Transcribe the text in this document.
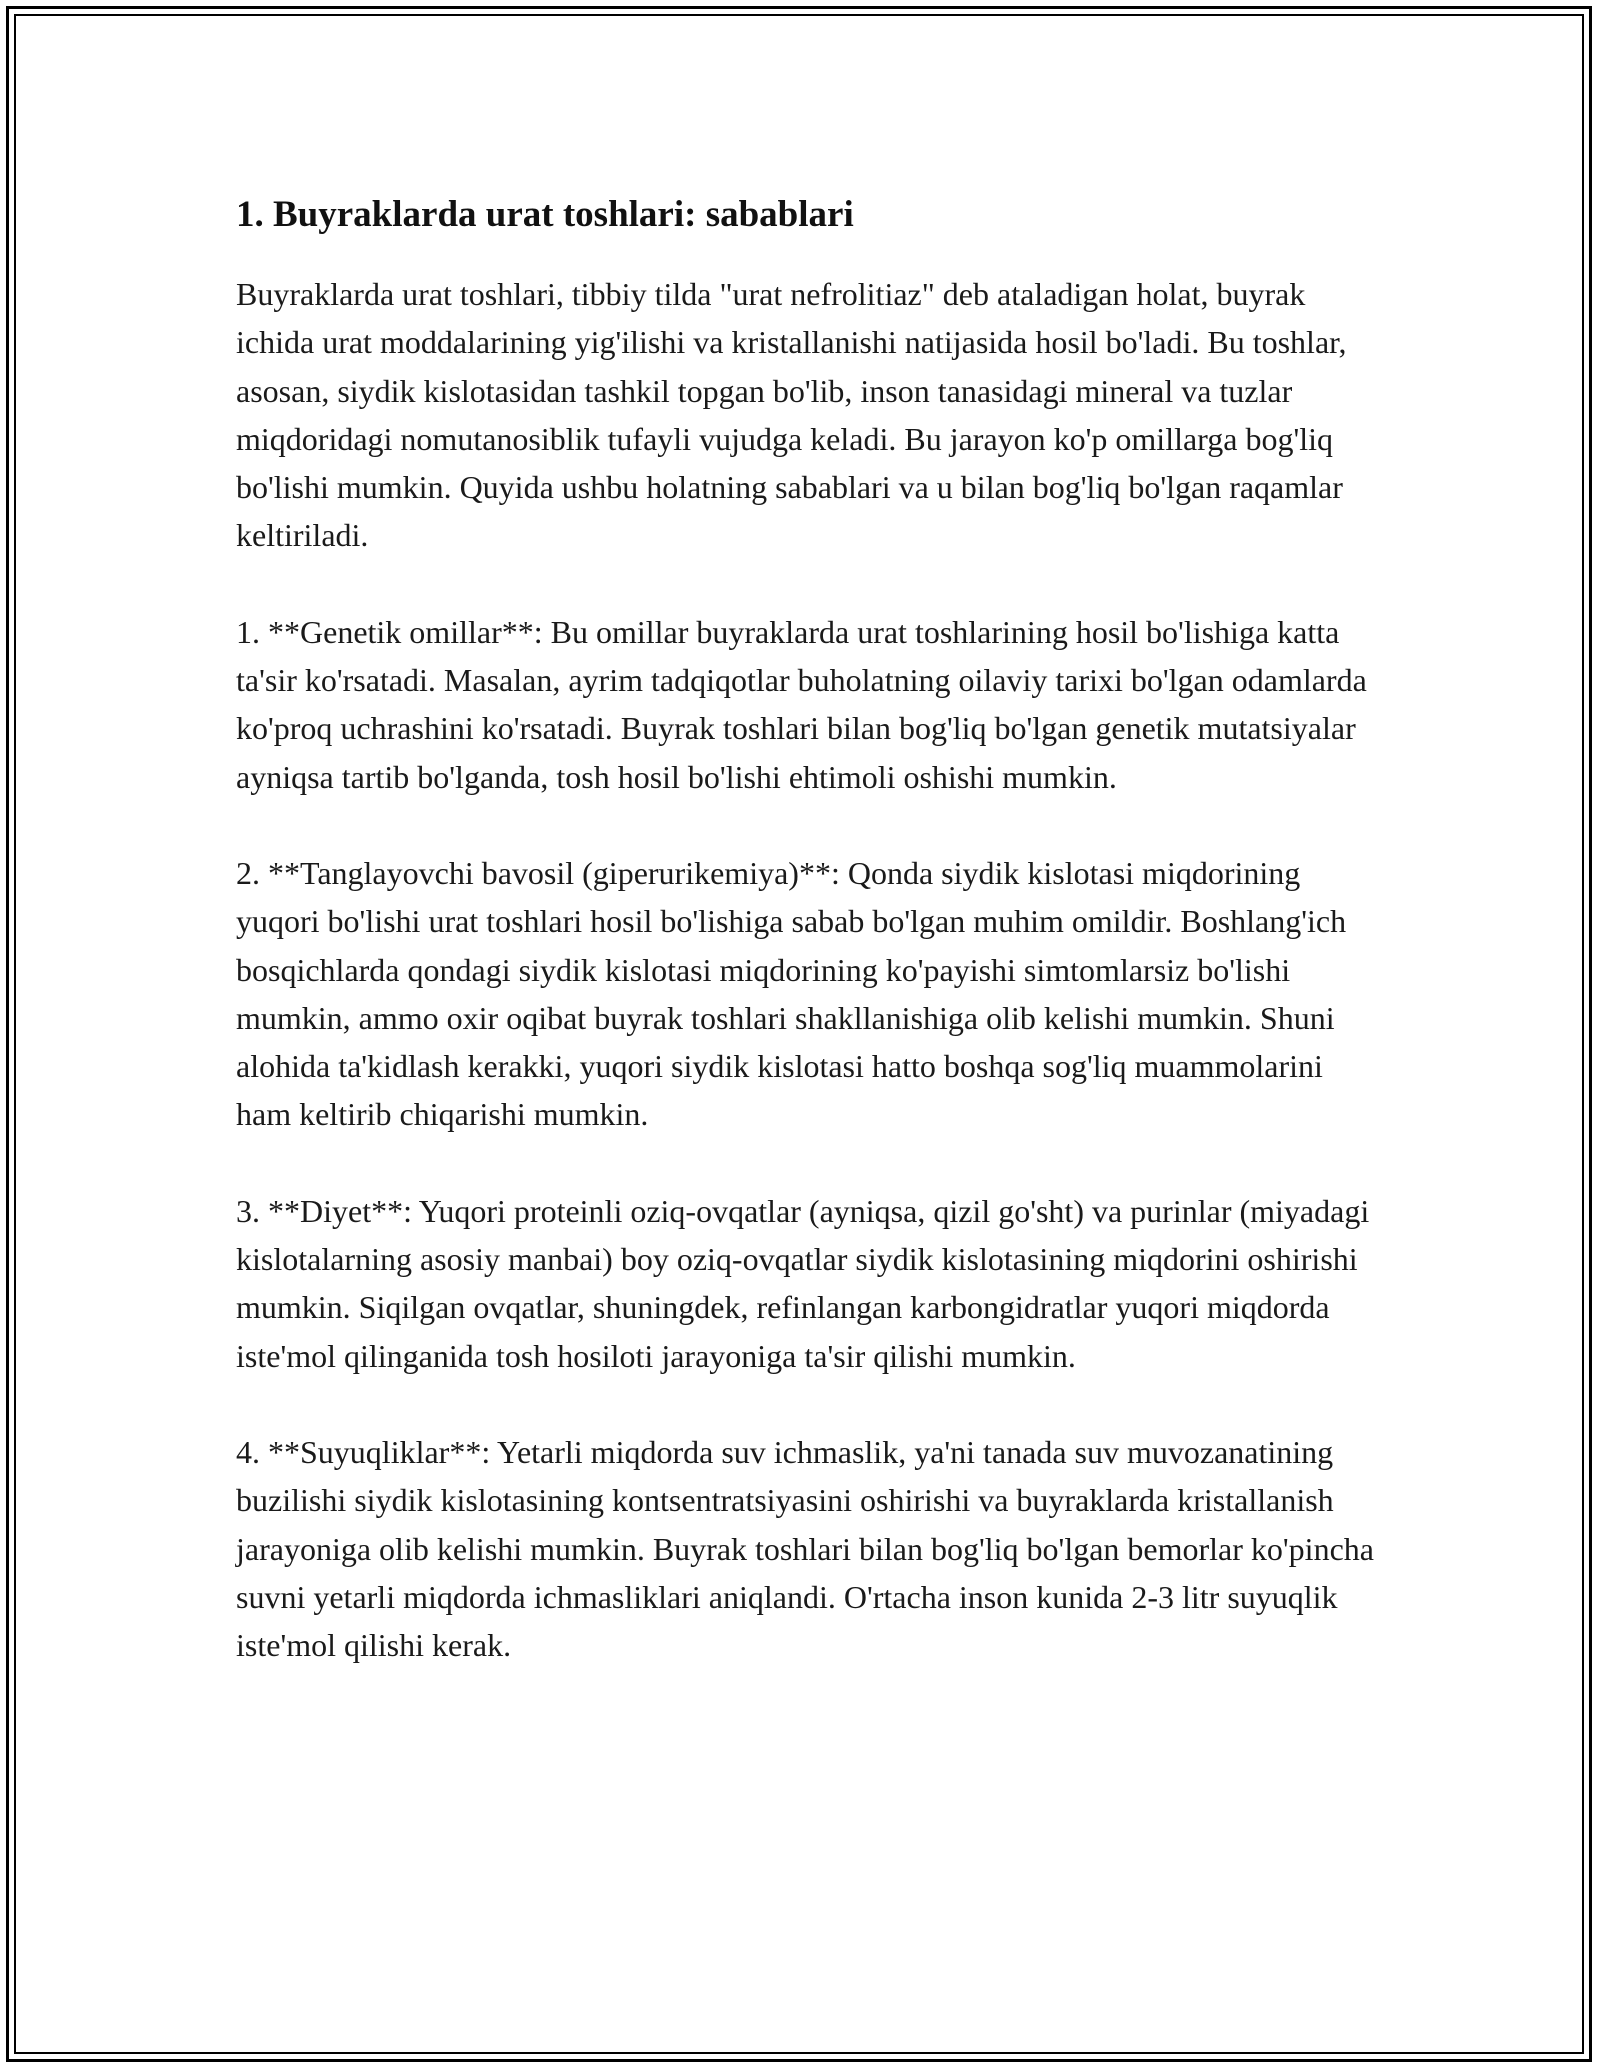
1. Buyraklarda urat toshlari: sabablari

Buyraklarda urat toshlari, tibbiy tilda "urat nefrolitiaz" deb ataladigan holat, buyrak ichida urat moddalarining yig'ilishi va kristallanishi natijasida hosil bo'ladi. Bu toshlar, asosan, siydik kislotasidan tashkil topgan bo'lib, inson tanasidagi mineral va tuzlar miqdoridagi nomutanosiblik tufayli vujudga keladi. Bu jarayon ko'p omillarga bog'liq bo'lishi mumkin. Quyida ushbu holatning sabablari va u bilan bog'liq bo'lgan raqamlar keltiriladi.

1. **Genetik omillar**: Bu omillar buyraklarda urat toshlarining hosil bo'lishiga katta ta'sir ko'rsatadi. Masalan, ayrim tadqiqotlar buholatning oilaviy tarixi bo'lgan odamlarda ko'proq uchrashini ko'rsatadi. Buyrak toshlari bilan bog'liq bo'lgan genetik mutatsiyalar ayniqsa tartib bo'lganda, tosh hosil bo'lishi ehtimoli oshishi mumkin.

2. **Tanglayovchi bavosil (giperurikemiya)**: Qonda siydik kislotasi miqdorining yuqori bo'lishi urat toshlari hosil bo'lishiga sabab bo'lgan muhim omildir. Boshlang'ich bosqichlarda qondagi siydik kislotasi miqdorining ko'payishi simtomlarsiz bo'lishi mumkin, ammo oxir oqibat buyrak toshlari shakllanishiga olib kelishi mumkin. Shuni alohida ta'kidlash kerakki, yuqori siydik kislotasi hatto boshqa sog'liq muammolarini ham keltirib chiqarishi mumkin.

3. **Diyet**: Yuqori proteinli oziq-ovqatlar (ayniqsa, qizil go'sht) va purinlar (miyadagi kislotalarning asosiy manbai) boy oziq-ovqatlar siydik kislotasining miqdorini oshirishi mumkin. Siqilgan ovqatlar, shuningdek, refinlangan karbongidratlar yuqori miqdorda iste'mol qilinganida tosh hosiloti jarayoniga ta'sir qilishi mumkin.

4. **Suyuqliklar**: Yetarli miqdorda suv ichmaslik, ya'ni tanada suv muvozanatining buzilishi siydik kislotasining kontsentratsiyasini oshirishi va buyraklarda kristallanish jarayoniga olib kelishi mumkin. Buyrak toshlari bilan bog'liq bo'lgan bemorlar ko'pincha suvni yetarli miqdorda ichmasliklari aniqlandi. O'rtacha inson kunida 2-3 litr suyuqlik iste'mol qilishi kerak.
